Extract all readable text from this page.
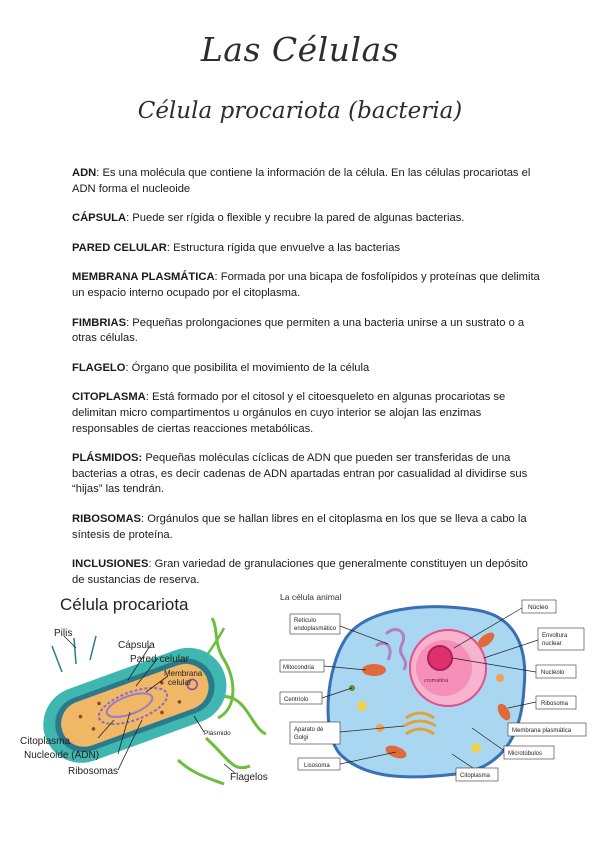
Las Células
Célula procariota (bacteria)

ADN: Es una molécula que contiene la información de la célula. En las células procariotas el ADN forma el nucleoide

CÁPSULA: Puede ser rígida o flexible y recubre la pared de algunas bacterias.

PARED CELULAR: Estructura rígida que envuelve a las bacterias

MEMBRANA PLASMÁTICA: Formada por una bicapa de fosfolípidos y proteínas que delimita un espacio interno ocupado por el citoplasma.

FIMBRIAS: Pequeñas prolongaciones que permiten a una bacteria unirse a un sustrato o a otras células.

FLAGELO: Órgano que posibilita el movimiento de la célula

CITOPLASMA: Está formado por el citosol y el citoesqueleto en algunas procariotas se delimitan micro compartimentos u orgánulos en cuyo interior se alojan las enzimas responsables de ciertas reacciones metabólicas.

PLÁSMIDOS: Pequeñas moléculas cíclicas de ADN que pueden ser transferidas de una bacterias a otras, es decir cadenas de ADN apartadas entran por casualidad al dividirse sus “hijas” las tendrán.

RIBOSOMAS: Orgánulos que se hallan libres en el citoplasma en los que se lleva a cabo la síntesis de proteína.

INCLUSIONES: Gran variedad de granulaciones que generalmente constituyen un depósito de sustancias de reserva.

Célula procariota
Pilis
Cápsula
Pared celular
Membrana
celular
Plásmido
Citoplasma
Nucleoide (ADN)
Ribosomas
Flagelos
La célula animal
cromatina
Retículo
endoplasmático
Mitocondria
Centríolo
Aparato de
Golgi
Lisosoma
Núcleo
Envoltura
nuclear
Nucléolo
Ribosoma
Membrana plasmática
Microtúbulos
Citoplasma
